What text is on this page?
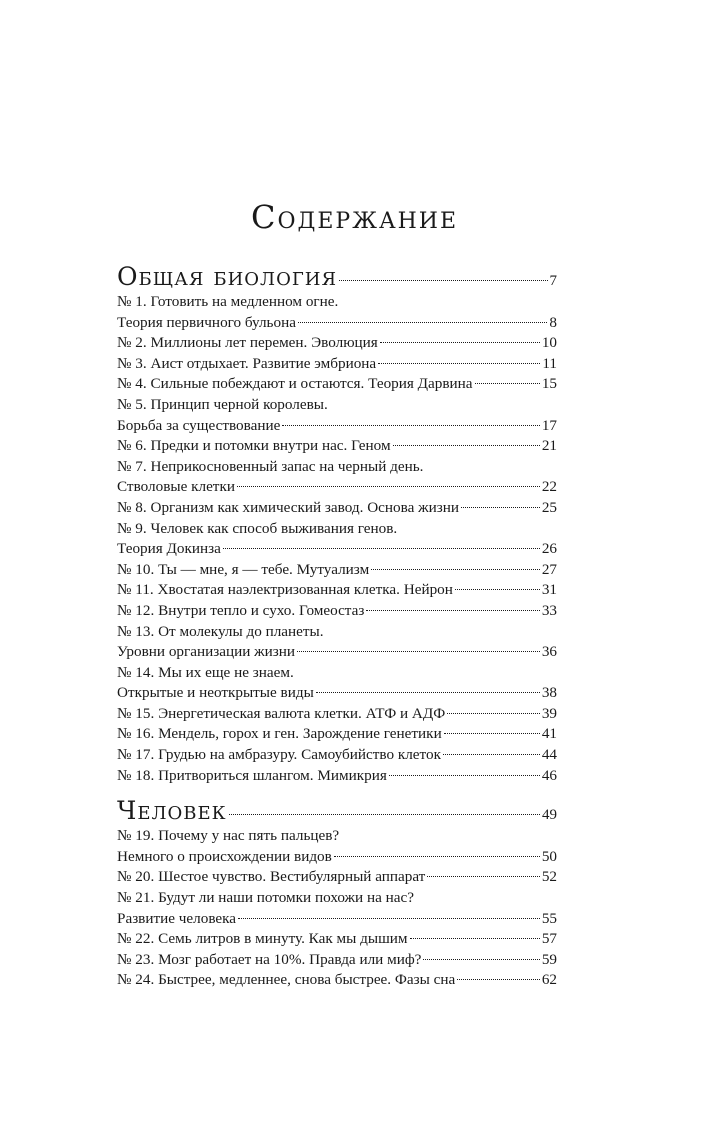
Содержание
Общая биология	7
№ 1. Готовить на медленном огне.
Теория первичного бульона	8
№ 2. Миллионы лет перемен. Эволюция	10
№ 3. Аист отдыхает. Развитие эмбриона	11
№ 4. Сильные побеждают и остаются. Теория Дарвина	15
№ 5. Принцип черной королевы.
Борьба за существование	17
№ 6. Предки и потомки внутри нас. Геном	21
№ 7. Неприкосновенный запас на черный день.
Стволовые клетки	22
№ 8. Организм как химический завод. Основа жизни	25
№ 9. Человек как способ выживания генов.
Теория Докинза	26
№ 10. Ты — мне, я — тебе. Мутуализм	27
№ 11. Хвостатая наэлектризованная клетка. Нейрон	31
№ 12. Внутри тепло и сухо. Гомеостаз	33
№ 13. От молекулы до планеты.
Уровни организации жизни	36
№ 14. Мы их еще не знаем.
Открытые и неоткрытые виды	38
№ 15. Энергетическая валюта клетки. АТФ и АДФ	39
№ 16. Мендель, горох и ген. Зарождение генетики	41
№ 17. Грудью на амбразуру. Самоубийство клеток	44
№ 18. Притвориться шлангом. Мимикрия	46
Человек	49
№ 19. Почему у нас пять пальцев?
Немного о происхождении видов	50
№ 20. Шестое чувство. Вестибулярный аппарат	52
№ 21. Будут ли наши потомки похожи на нас?
Развитие человека	55
№ 22. Семь литров в минуту. Как мы дышим	57
№ 23. Мозг работает на 10%. Правда или миф?	59
№ 24. Быстрее, медленнее, снова быстрее. Фазы сна	62
